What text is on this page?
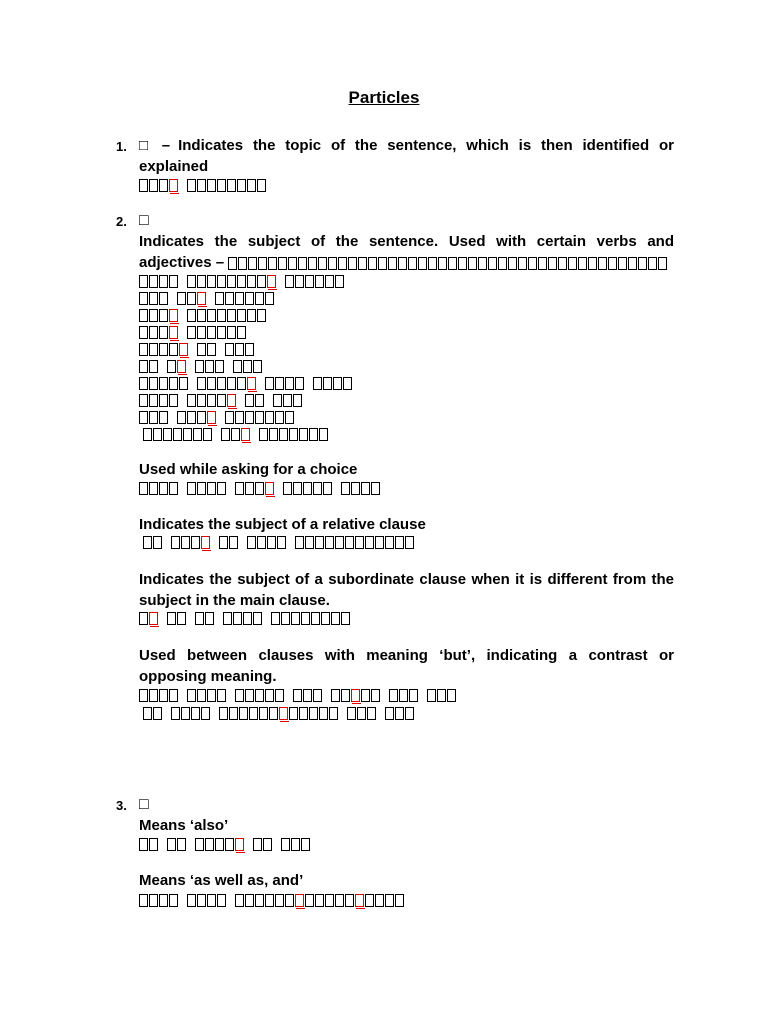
Particles
1. □ – Indicates the topic of the sentence, which is then identified or explained
2. □
Indicates the subject of the sentence. Used with certain verbs and adjectives –
Used while asking for a choice
Indicates the subject of a relative clause
Indicates the subject of a subordinate clause when it is different from the subject in the main clause.
Used between clauses with meaning ‘but’, indicating a contrast or opposing meaning.
3. □
Means ‘also’
Means ‘as well as, and’
